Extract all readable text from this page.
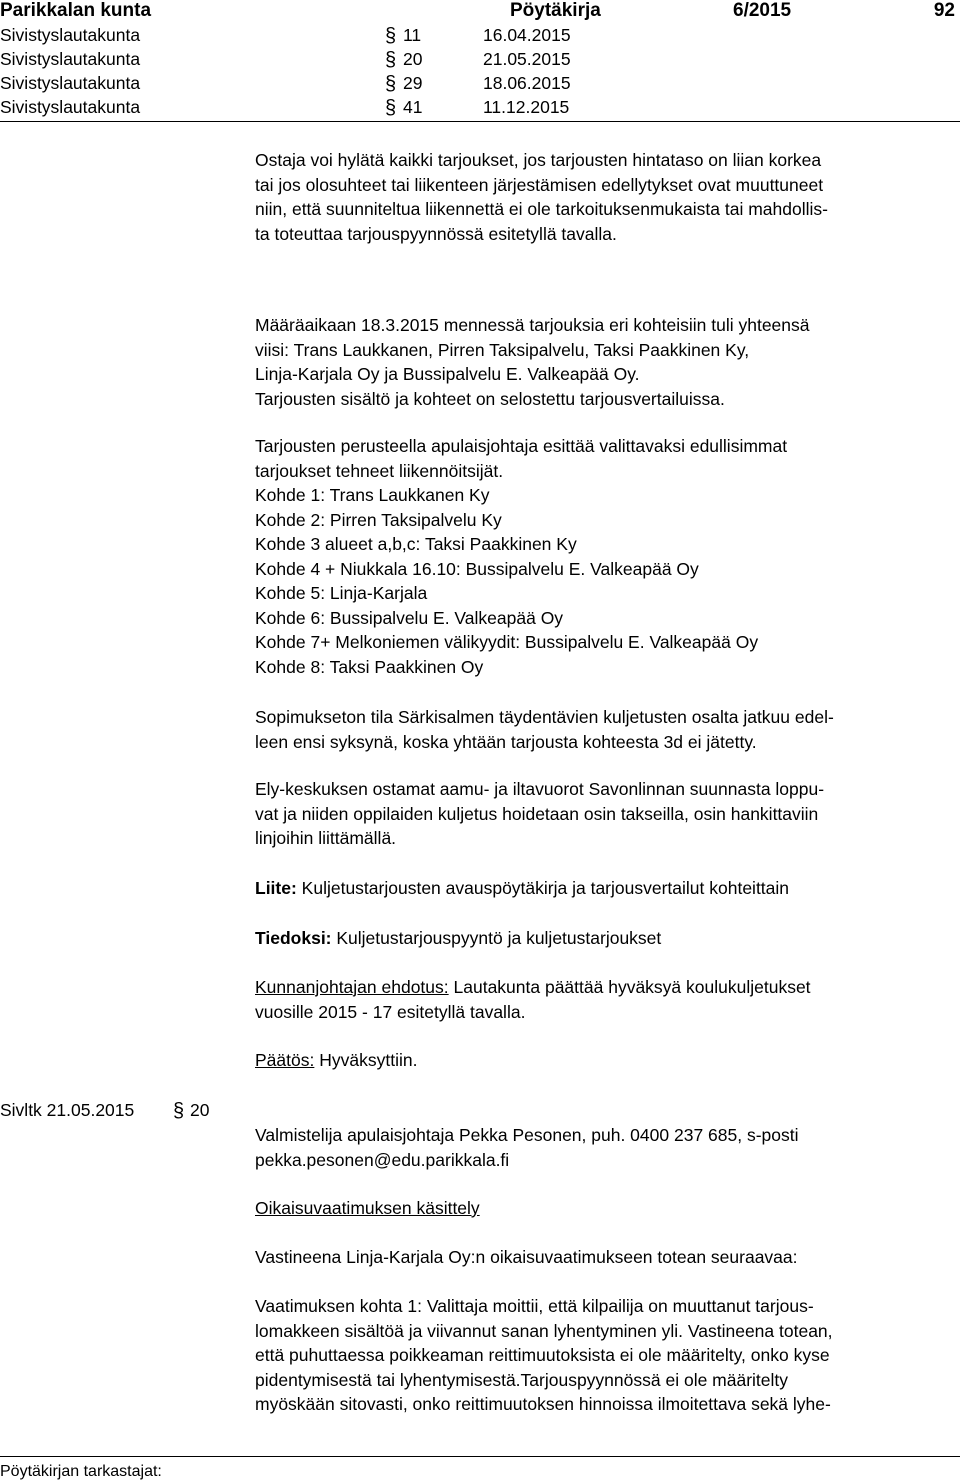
Parikkalan kunta	Pöytäkirja	6/2015	92
Sivistyslautakunta	§ 11	16.04.2015
Sivistyslautakunta	§ 20	21.05.2015
Sivistyslautakunta	§ 29	18.06.2015
Sivistyslautakunta	§ 41	11.12.2015
Ostaja voi hylätä kaikki tarjoukset, jos tarjousten hintataso on liian korkea
tai jos olosuhteet tai liikenteen järjestämisen edellytykset ovat muuttuneet
niin, että suunniteltua liikennettä ei ole tarkoituksenmukaista tai mahdollis-
ta toteuttaa tarjouspyynnössä esitetyllä tavalla.
Määräaikaan 18.3.2015 mennessä tarjouksia eri kohteisiin tuli yhteensä
viisi: Trans Laukkanen, Pirren Taksipalvelu, Taksi Paakkinen Ky,
Linja-Karjala Oy ja Bussipalvelu E. Valkeapää Oy.
Tarjousten sisältö ja kohteet on selostettu tarjousvertailuissa.
Tarjousten perusteella apulaisjohtaja esittää valittavaksi edullisimmat
tarjoukset tehneet liikennöitsijät.
Kohde 1: Trans Laukkanen Ky
Kohde 2: Pirren Taksipalvelu Ky
Kohde 3 alueet a,b,c: Taksi Paakkinen Ky
Kohde 4 + Niukkala 16.10: Bussipalvelu E. Valkeapää Oy
Kohde 5: Linja-Karjala
Kohde 6: Bussipalvelu E. Valkeapää Oy
Kohde 7+ Melkoniemen välikyydit: Bussipalvelu E. Valkeapää Oy
Kohde 8: Taksi Paakkinen Oy
Sopimukseton tila Särkisalmen täydentävien kuljetusten osalta jatkuu edel-
leen ensi syksynä, koska yhtään tarjousta kohteesta 3d ei jätetty.
Ely-keskuksen ostamat aamu- ja iltavuorot Savonlinnan suunnasta loppu-
vat ja niiden oppilaiden kuljetus hoidetaan osin takseilla, osin hankittaviin
linjoihin liittämällä.
Liite: Kuljetustarjousten avauspöytäkirja ja tarjousvertailut kohteittain
Tiedoksi: Kuljetustarjouspyyntö ja kuljetustarjoukset
Kunnanjohtajan ehdotus: Lautakunta päättää hyväksyä koulukuljetukset
vuosille 2015 - 17 esitetyllä tavalla.
Päätös: Hyväksyttiin.
Sivltk 21.05.2015 § 20
Valmistelija apulaisjohtaja Pekka Pesonen, puh. 0400 237 685, s-posti
pekka.pesonen@edu.parikkala.fi
Oikaisuvaatimuksen käsittely
Vastineena Linja-Karjala Oy:n oikaisuvaatimukseen totean seuraavaa:
Vaatimuksen kohta 1: Valittaja moittii, että kilpailija on muuttanut tarjous-
lomakkeen sisältöä ja viivannut sanan lyhentyminen yli. Vastineena totean,
että puhuttaessa poikkeaman reittimuutoksista ei ole määritelty, onko kyse
pidentymisestä tai lyhentymisestä.Tarjouspyynnössä ei ole määritelty
myöskään sitovasti, onko reittimuutoksen hinnoissa ilmoitettava sekä lyhe-
Pöytäkirjan tarkastajat:
